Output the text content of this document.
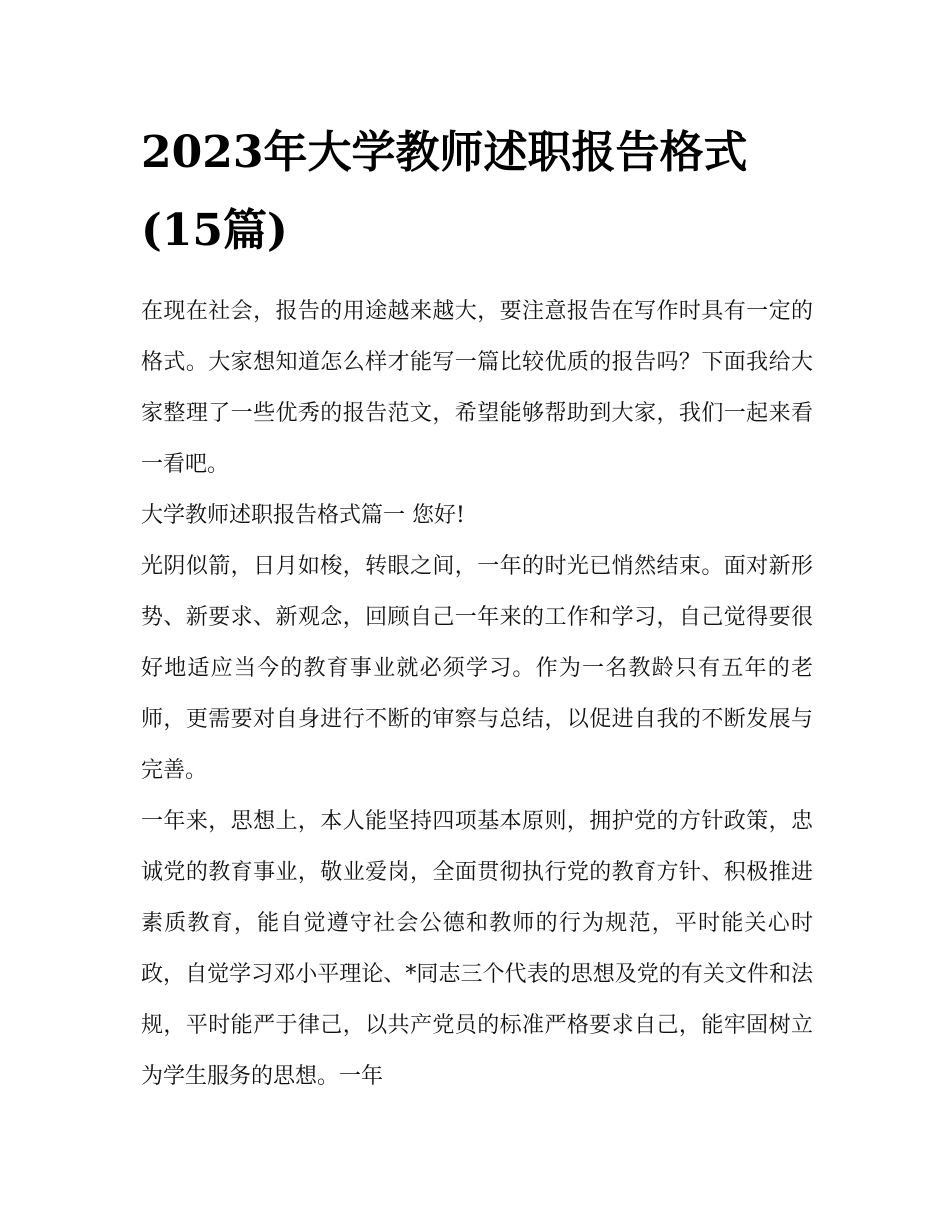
2023年大学教师述职报告格式(15篇)

在现在社会，报告的用途越来越大，要注意报告在写作时具有一定的格式。大家想知道怎么样才能写一篇比较优质的报告吗？下面我给大家整理了一些优秀的报告范文，希望能够帮助到大家，我们一起来看一看吧。

大学教师述职报告格式篇一 您好!

光阴似箭，日月如梭，转眼之间，一年的时光已悄然结束。面对新形势、新要求、新观念，回顾自己一年来的工作和学习，自己觉得要很好地适应当今的教育事业就必须学习。作为一名教龄只有五年的老师，更需要对自身进行不断的审察与总结，以促进自我的不断发展与完善。

一年来，思想上，本人能坚持四项基本原则，拥护党的方针政策，忠诚党的教育事业，敬业爱岗，全面贯彻执行党的教育方针、积极推进素质教育，能自觉遵守社会公德和教师的行为规范，平时能关心时政，自觉学习邓小平理论、*同志三个代表的思想及党的有关文件和法规，平时能严于律己，以共产党员的标准严格要求自己，能牢固树立为学生服务的思想。一年
